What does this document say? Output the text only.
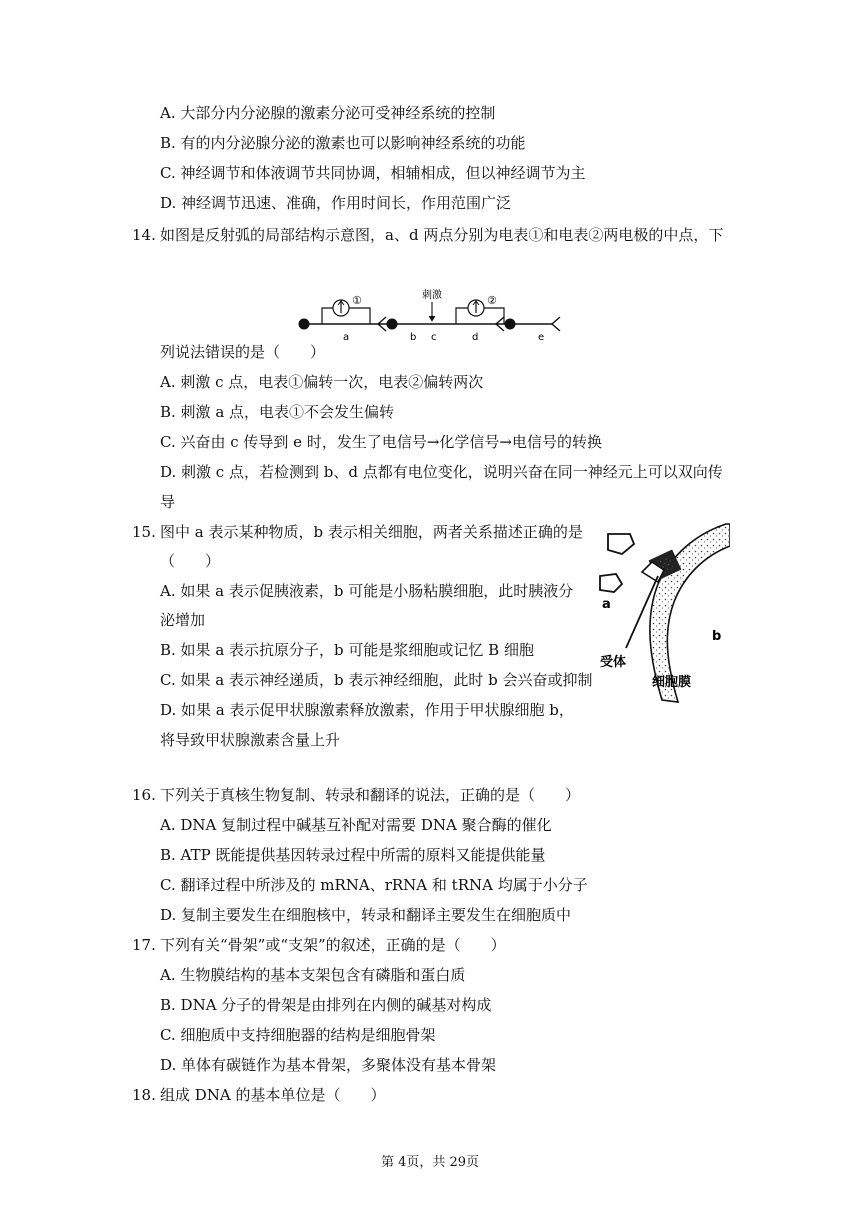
A. 大部分内分泌腺的激素分泌可受神经系统的控制
B. 有的内分泌腺分泌的激素也可以影响神经系统的功能
C. 神经调节和体液调节共同协调，相辅相成，但以神经调节为主
D. 神经调节迅速、准确，作用时间长，作用范围广泛
14. 如图是反射弧的局部结构示意图，a、d 两点分别为电表①和电表②两电极的中点，下
①	②
刺激
a	b c	d	e
列说法错误的是（　　）
A. 刺激 c 点，电表①偏转一次，电表②偏转两次
B. 刺激 a 点，电表①不会发生偏转
C. 兴奋由 c 传导到 e 时，发生了电信号→化学信号→电信号的转换
D. 刺激 c 点，若检测到 b、d 点都有电位变化，说明兴奋在同一神经元上可以双向传
导
15. 图中 a 表示某种物质，b 表示相关细胞，两者关系描述正确的是
（　　）
A. 如果 a 表示促胰液素，b 可能是小肠粘膜细胞，此时胰液分
泌增加
B. 如果 a 表示抗原分子，b 可能是浆细胞或记忆 B 细胞
C. 如果 a 表示神经递质，b 表示神经细胞，此时 b 会兴奋或抑制
D. 如果 a 表示促甲状腺激素释放激素，作用于甲状腺细胞 b，
将导致甲状腺激素含量上升
a
b
受体
细胞膜
16. 下列关于真核生物复制、转录和翻译的说法，正确的是（　　）
A. DNA 复制过程中碱基互补配对需要 DNA 聚合酶的催化
B. ATP 既能提供基因转录过程中所需的原料又能提供能量
C. 翻译过程中所涉及的 mRNA、rRNA 和 tRNA 均属于小分子
D. 复制主要发生在细胞核中，转录和翻译主要发生在细胞质中
17. 下列有关“骨架”或“支架”的叙述，正确的是（　　）
A. 生物膜结构的基本支架包含有磷脂和蛋白质
B. DNA 分子的骨架是由排列在内侧的碱基对构成
C. 细胞质中支持细胞器的结构是细胞骨架
D. 单体有碳链作为基本骨架，多聚体没有基本骨架
18. 组成 DNA 的基本单位是（　　）
第 4页，共 29页
